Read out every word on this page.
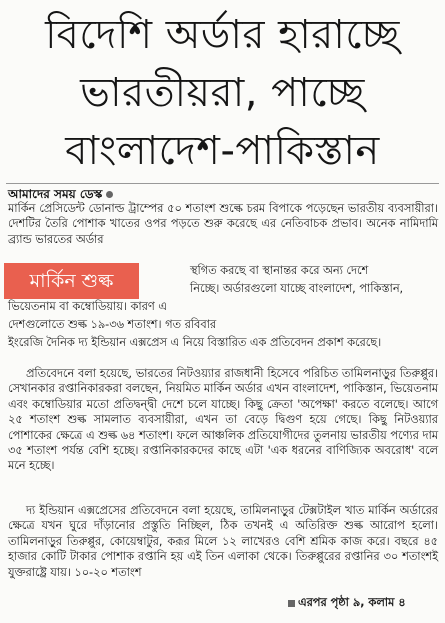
বিদেশি অর্ডার হারাচ্ছে
ভারতীয়রা, পাচ্ছে
বাংলাদেশ-পাকিস্তান
আমাদের সময় ডেস্ক
মার্কিন প্রেসিডেন্ট ডোনাল্ড ট্রাম্পের ৫০ শতাংশ শুল্কে চরম বিপাকে পড়েছেন ভারতীয় ব্যবসায়ীরা। দেশটির তৈরি পোশাক খাতের ওপর পড়তে শুরু করেছে এর নেতিবাচক প্রভাব। অনেক নামিদামি ব্র্যান্ড ভারতের অর্ডার
মার্কিন শুল্ক	স্থগিত করছে বা স্থানান্তর করে অন্য দেশে
নিচ্ছে। অর্ডারগুলো যাচ্ছে বাংলাদেশ, পাকিস্তান,
ভিয়েতনাম বা কম্বোডিয়ায়। কারণ এ
দেশগুলোতে শুল্ক ১৯-৩৬ শতাংশ। গত রবিবার
ইংরেজি দৈনিক দ্য ইন্ডিয়ান এক্সপ্রেস এ নিয়ে বিস্তারিত এক প্রতিবেদন প্রকাশ করেছে।
প্রতিবেদনে বলা হয়েছে, ভারতের নিটওয়্যার রাজধানী হিসেবে পরিচিত তামিলনাড়ুর তিরুপ্পুর। সেখানকার রপ্তানিকারকরা বলছেন, নিয়মিত মার্কিন অর্ডার এখন বাংলাদেশ, পাকিস্তান, ভিয়েতনাম এবং কম্বোডিয়ার মতো প্রতিদ্বন্দ্বী দেশে চলে যাচ্ছে। কিছু ক্রেতা 'অপেক্ষা' করতে বলেছে। আগে ২৫ শতাংশ শুল্ক সামলাত ব্যবসায়ীরা, এখন তা বেড়ে দ্বিগুণ হয়ে গেছে। কিছু নিটওয়্যার পোশাকের ক্ষেত্রে এ শুল্ক ৬৪ শতাংশ। ফলে আঞ্চলিক প্রতিযোগীদের তুলনায় ভারতীয় পণ্যের দাম ৩৫ শতাংশ পর্যন্ত বেশি হচ্ছে। রপ্তানিকারকদের কাছে এটা 'এক ধরনের বাণিজ্যিক অবরোধ' বলে মনে হচ্ছে।
দ্য ইন্ডিয়ান এক্সপ্রেসের প্রতিবেদনে বলা হয়েছে, তামিলনাড়ুর টেক্সটাইল খাত মার্কিন অর্ডারের ক্ষেত্রে যখন ঘুরে দাঁড়ানোর প্রস্তুতি নিচ্ছিল, ঠিক তখনই এ অতিরিক্ত শুল্ক আরোপ হলো। তামিলনাড়ুর তিরুপ্পুর, কোয়েম্বাটুর, করূর মিলে ১২ লাখেরও বেশি শ্রমিক কাজ করে। বছরে ৪৫ হাজার কোটি টাকার পোশাক রপ্তানি হয় এই তিন এলাকা থেকে। তিরুপ্পুরের রপ্তানির ৩০ শতাংশই যুক্তরাষ্ট্রে যায়। ১০-২০ শতাংশ
এরপর পৃষ্ঠা ৯, কলাম ৪
